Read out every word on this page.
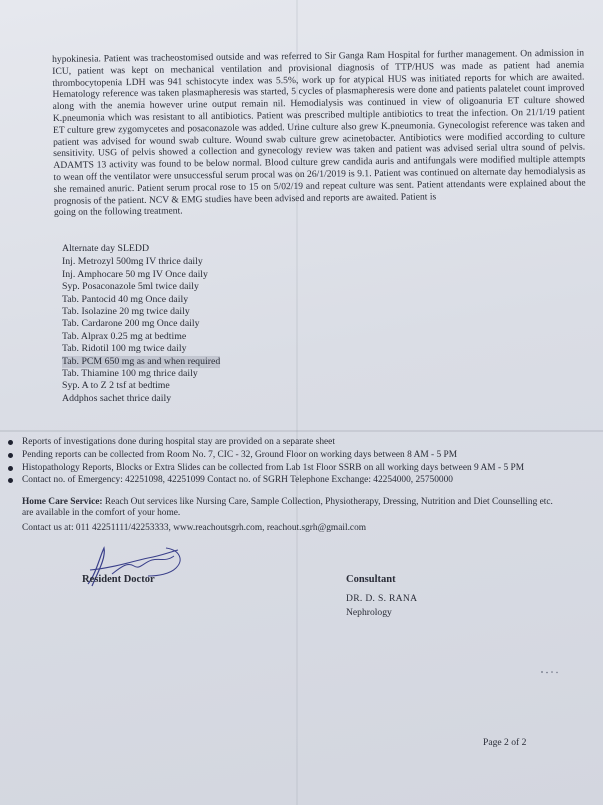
hypokinesia. Patient was tracheostomised outside and was referred to Sir Ganga Ram Hospital for further management. On admission in ICU, patient was kept on mechanical ventilation and provisional diagnosis of TTP/HUS was made as patient had anemia thrombocytopenia LDH was 941 schistocyte index was 5.5%, work up for atypical HUS was initiated reports for which are awaited. Hematology reference was taken plasmapheresis was started, 5 cycles of plasmapheresis were done and patients palatelet count improved along with the anemia however urine output remain nil. Hemodialysis was continued in view of oligoanuria ET culture showed K.pneumonia which was resistant to all antibiotics. Patient was prescribed multiple antibiotics to treat the infection. On 21/1/19 patient ET culture grew zygomycetes and posaconazole was added. Urine culture also grew K.pneumonia. Gynecologist reference was taken and patient was advised for wound swab culture. Wound swab culture grew acinetobacter. Antibiotics were modified according to culture sensitivity. USG of pelvis showed a collection and gynecology review was taken and patient was advised serial ultra sound of pelvis. ADAMTS 13 activity was found to be below normal. Blood culture grew candida auris and antifungals were modified multiple attempts to wean off the ventilator were unsuccessful serum procal was on 26/1/2019 is 9.1. Patient was continued on alternate day hemodialysis as she remained anuric. Patient serum procal rose to 15 on 5/02/19 and repeat culture was sent. Patient attendants were explained about the prognosis of the patient. NCV & EMG studies have been advised and reports are awaited. Patient is
going on the following treatment.

Alternate day SLEDD
Inj. Metrozyl 500mg IV thrice daily
Inj. Amphocare 50 mg IV Once daily
Syp. Posaconazole 5ml twice daily
Tab. Pantocid 40 mg Once daily
Tab. Isolazine 20 mg twice daily
Tab. Cardarone 200 mg Once daily
Tab. Alprax 0.25 mg at bedtime
Tab. Ridotil 100 mg twice daily
Tab. PCM 650 mg as and when required
Tab. Thiamine 100 mg thrice daily
Syp. A to Z 2 tsf at bedtime
Addphos sachet thrice daily
Reports of investigations done during hospital stay are provided on a separate sheet
Pending reports can be collected from Room No. 7, CIC - 32, Ground Floor on working days between 8 AM - 5 PM
Histopathology Reports, Blocks or Extra Slides can be collected from Lab 1st Floor SSRB on all working days between 9 AM - 5 PM
Contact no. of Emergency: 42251098, 42251099 Contact no. of SGRH Telephone Exchange: 42254000, 25750000
Home Care Service: Reach Out services like Nursing Care, Sample Collection, Physiotherapy, Dressing, Nutrition and Diet Counselling etc. are available in the comfort of your home.
Contact us at: 011 42251111/42253333, www.reachoutsgrh.com, reachout.sgrh@gmail.com
Resident Doctor	Consultant
DR. D. S. RANA
Nephrology
Page 2 of 2
